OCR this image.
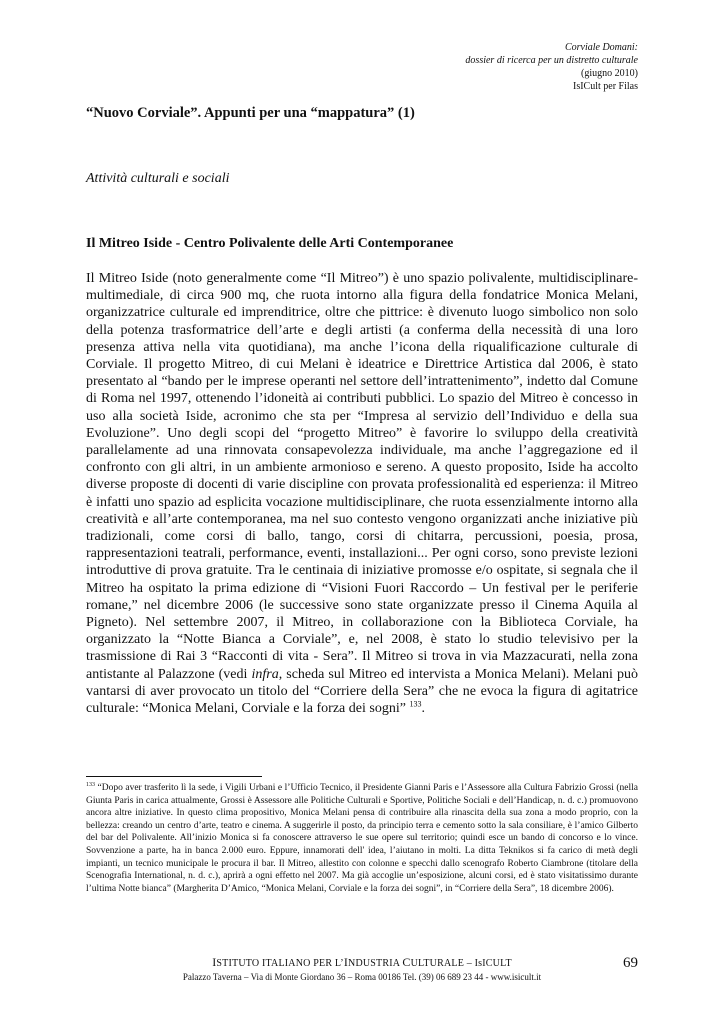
Corviale Domani:
dossier di ricerca per un distretto culturale
(giugno 2010)
IsICult per Filas
“Nuovo Corviale”. Appunti per una “mappatura” (1)
Attività culturali e sociali
Il Mitreo Iside - Centro Polivalente delle Arti Contemporanee
Il Mitreo Iside (noto generalmente come “Il Mitreo”) è uno spazio polivalente, multidisciplinare-multimediale, di circa 900 mq, che ruota intorno alla figura della fondatrice Monica Melani, organizzatrice culturale ed imprenditrice, oltre che pittrice: è divenuto luogo simbolico non solo della potenza trasformatrice dell’arte e degli artisti (a conferma della necessità di una loro presenza attiva nella vita quotidiana), ma anche l’icona della riqualificazione culturale di Corviale. Il progetto Mitreo, di cui Melani è ideatrice e Direttrice Artistica dal 2006, è stato presentato al “bando per le imprese operanti nel settore dell’intrattenimento”, indetto dal Comune di Roma nel 1997, ottenendo l’idoneità ai contributi pubblici. Lo spazio del Mitreo è concesso in uso alla società Iside, acronimo che sta per “Impresa al servizio dell’Individuo e della sua Evoluzione”. Uno degli scopi del “progetto Mitreo” è favorire lo sviluppo della creatività parallelamente ad una rinnovata consapevolezza individuale, ma anche l’aggregazione ed il confronto con gli altri, in un ambiente armonioso e sereno. A questo proposito, Iside ha accolto diverse proposte di docenti di varie discipline con provata professionalità ed esperienza: il Mitreo è infatti uno spazio ad esplicita vocazione multidisciplinare, che ruota essenzialmente intorno alla creatività e all’arte contemporanea, ma nel suo contesto vengono organizzati anche iniziative più tradizionali, come corsi di ballo, tango, corsi di chitarra, percussioni, poesia, prosa, rappresentazioni teatrali, performance, eventi, installazioni... Per ogni corso, sono previste lezioni introduttive di prova gratuite. Tra le centinaia di iniziative promosse e/o ospitate, si segnala che il Mitreo ha ospitato la prima edizione di “Visioni Fuori Raccordo – Un festival per le periferie romane,” nel dicembre 2006 (le successive sono state organizzate presso il Cinema Aquila al Pigneto). Nel settembre 2007, il Mitreo, in collaborazione con la Biblioteca Corviale, ha organizzato la “Notte Bianca a Corviale”, e, nel 2008, è stato lo studio televisivo per la trasmissione di Rai 3 “Racconti di vita - Sera”. Il Mitreo si trova in via Mazzacurati, nella zona antistante al Palazzone (vedi infra, scheda sul Mitreo ed intervista a Monica Melani). Melani può vantarsi di aver provocato un titolo del “Corriere della Sera” che ne evoca la figura di agitatrice culturale: “Monica Melani, Corviale e la forza dei sogni” $^{133}$.
$^{133}$ “Dopo aver trasferito lì la sede, i Vigili Urbani e l’Ufficio Tecnico, il Presidente Gianni Paris e l’Assessore alla Cultura Fabrizio Grossi (nella Giunta Paris in carica attualmente, Grossi è Assessore alle Politiche Culturali e Sportive, Politiche Sociali e dell’Handicap, n. d. c.) promuovono ancora altre iniziative. In questo clima propositivo, Monica Melani pensa di contribuire alla rinascita della sua zona a modo proprio, con la bellezza: creando un centro d’arte, teatro e cinema. A suggerirle il posto, da principio terra e cemento sotto la sala consiliare, è l’amico Gilberto del bar del Polivalente. All’inizio Monica si fa conoscere attraverso le sue opere sul territorio; quindi esce un bando di concorso e lo vince. Sovvenzione a parte, ha in banca 2.000 euro. Eppure, innamorati dell' idea, l’aiutano in molti. La ditta Teknikos si fa carico di metà degli impianti, un tecnico municipale le procura il bar. Il Mitreo, allestito con colonne e specchi dallo scenografo Roberto Ciambrone (titolare della Scenografia International, n. d. c.), aprirà a ogni effetto nel 2007. Ma già accoglie un’esposizione, alcuni corsi, ed è stato visitatissimo durante l’ultima Notte bianca” (Margherita D’Amico, “Monica Melani, Corviale e la forza dei sogni”, in “Corriere della Sera”, 18 dicembre 2006).
ISTITUTO ITALIANO PER L’INDUSTRIA CULTURALE – IsICULT
Palazzo Taverna – Via di Monte Giordano 36 – Roma 00186 Tel. (39) 06 689 23 44 - www.isicult.it
69
